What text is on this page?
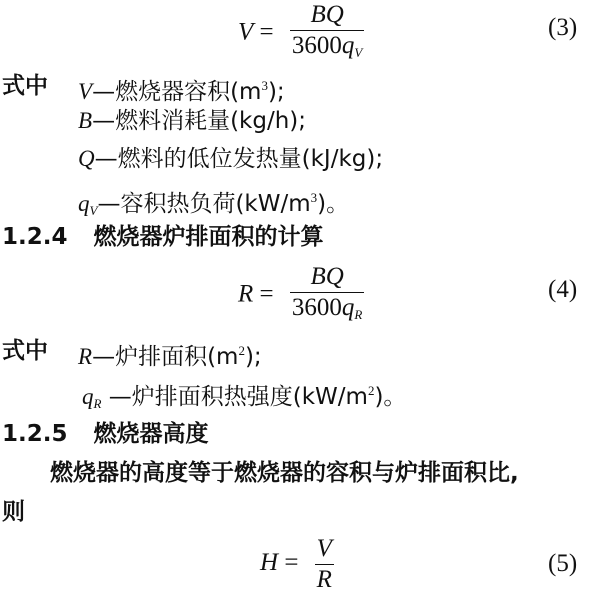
$V = \frac{BQ}{3600q_V}$	(3)
式中 V—燃烧器容积$(m^3)$;
B—燃料消耗量(kg/h);
Q—燃料的低位发热量(kJ/kg);
$q_V—$容积热负荷$(kW/m^3)$。
1.2.4 燃烧器炉排面积的计算
$R = \frac{BQ}{3600q_R}$	(4)
式中 R—炉排面积$(m^2)$;
$q_R$ —炉排面积热强度$(kW/m^2)$。
1.2.5 燃烧器高度
燃烧器的高度等于燃烧器的容积与炉排面积比,
则
$H = \frac{V}{R}$	(5)
